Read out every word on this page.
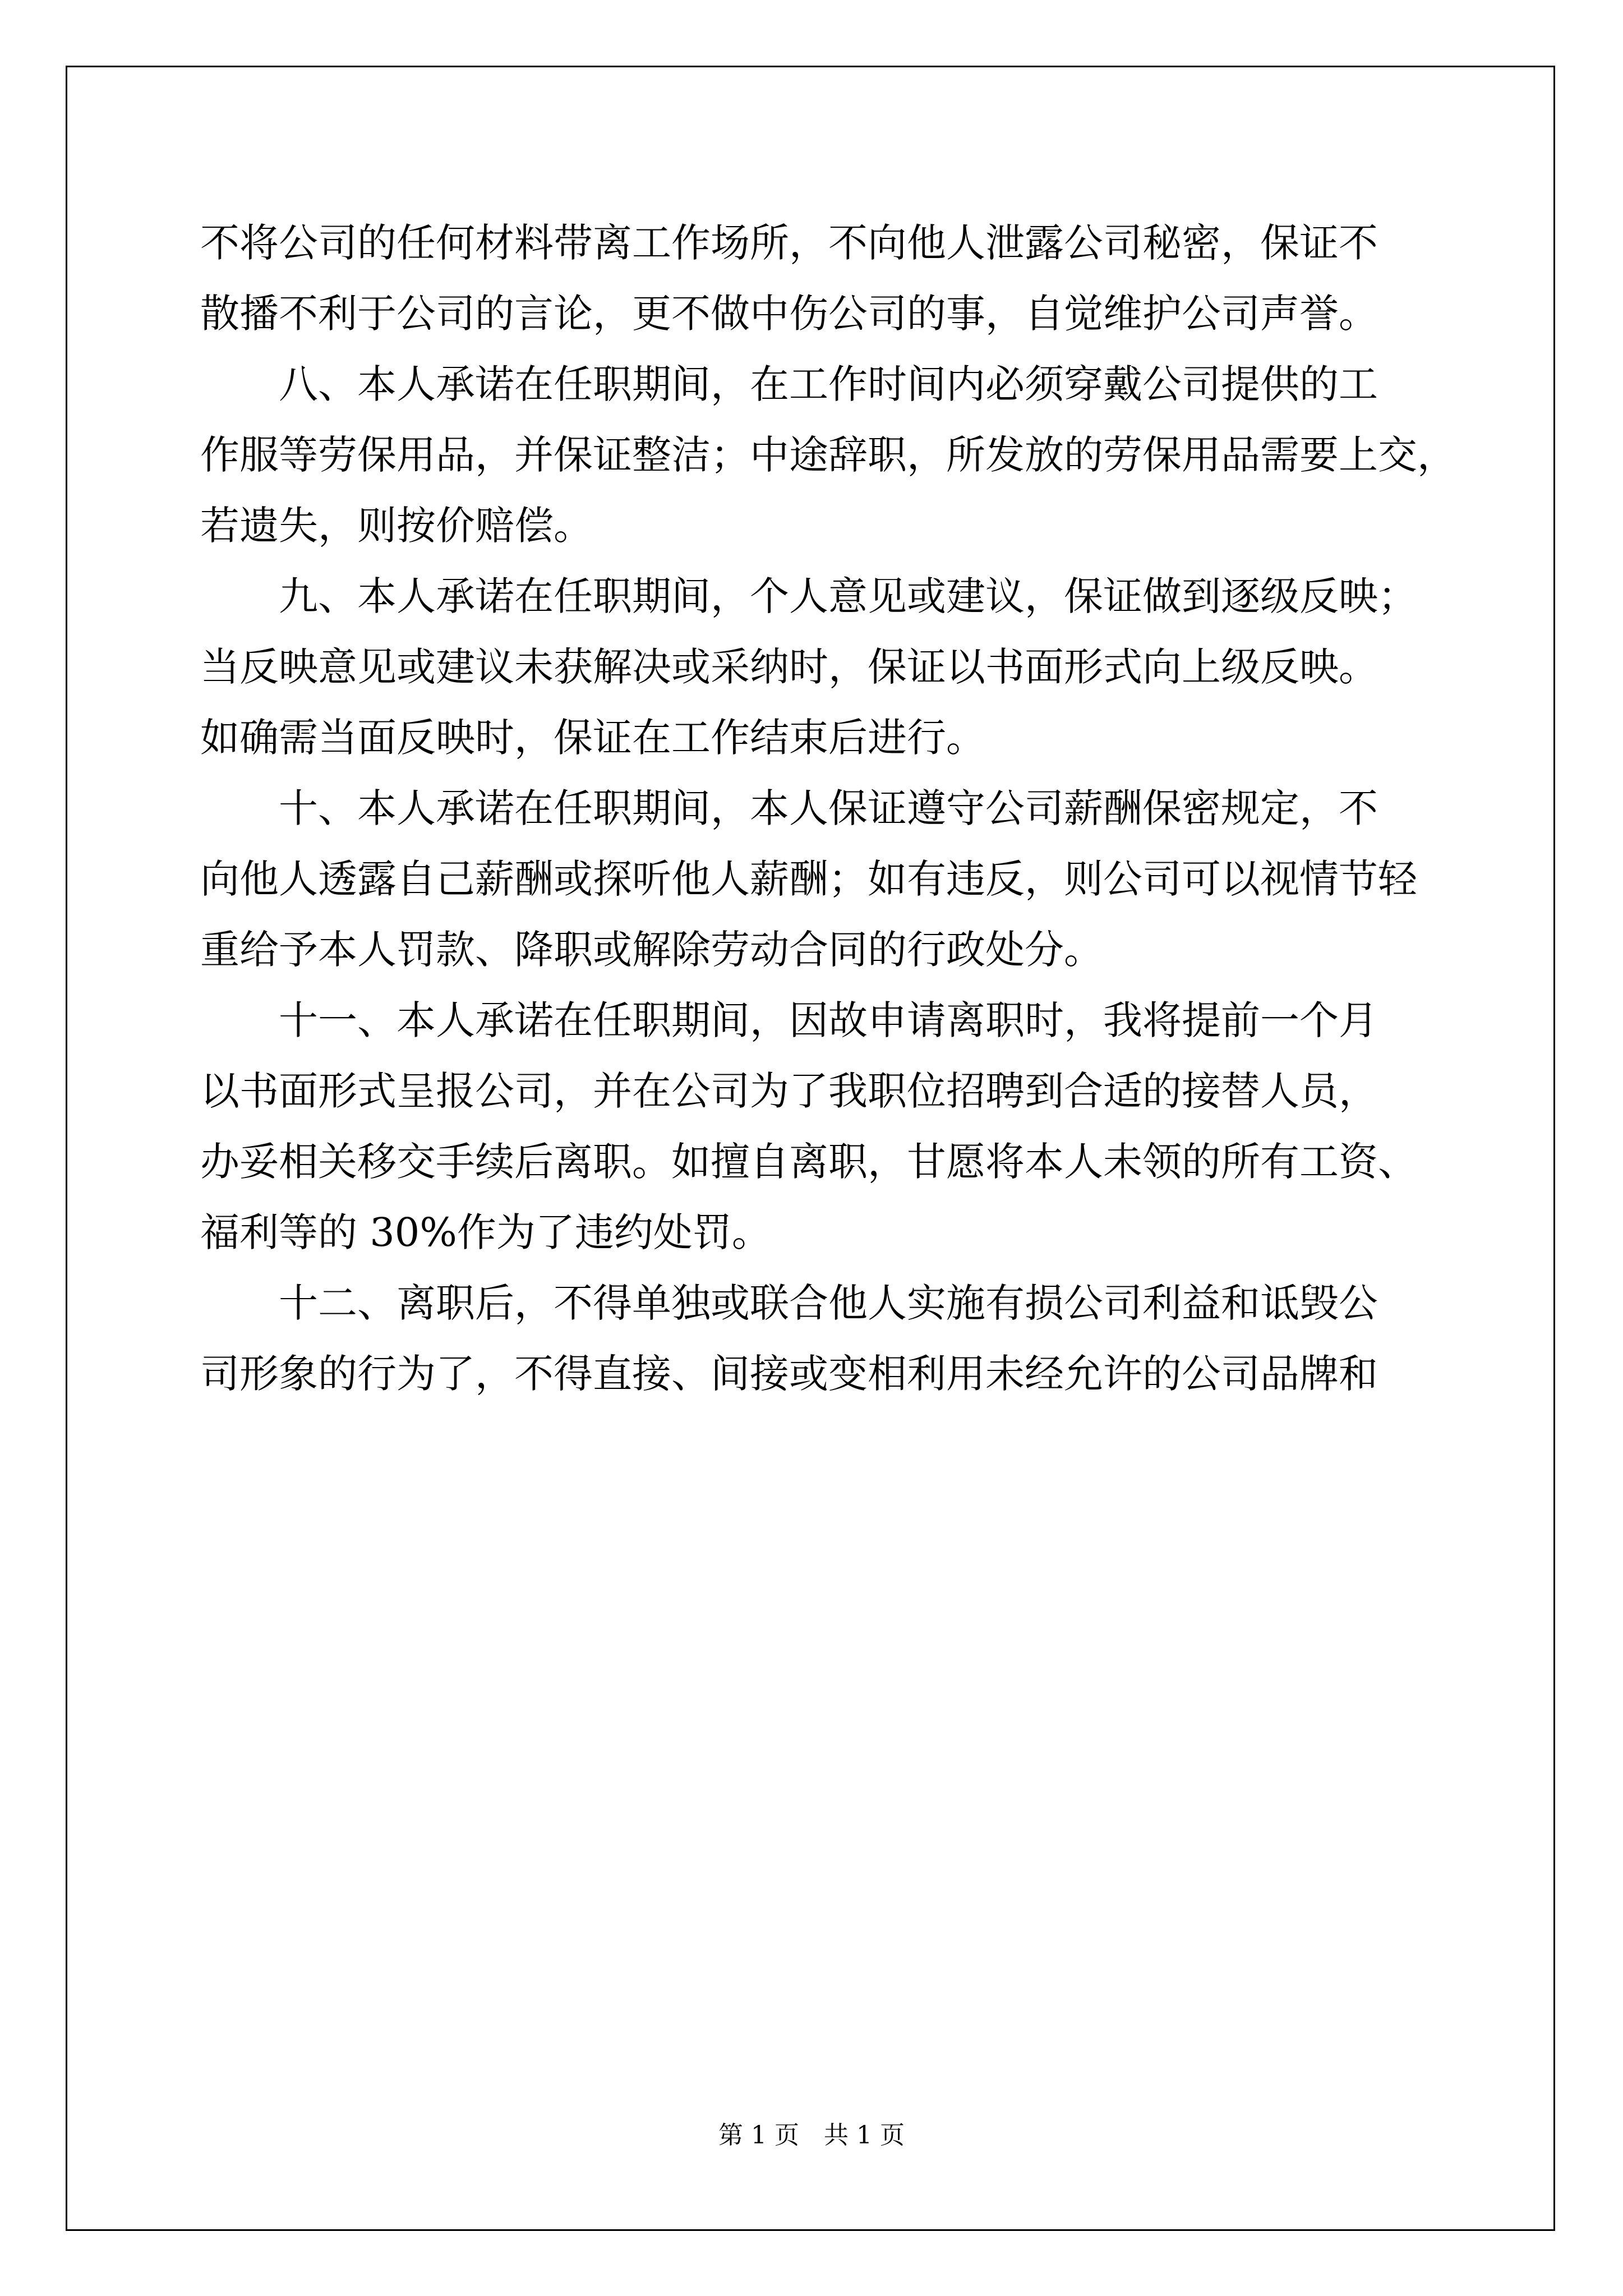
不将公司的任何材料带离工作场所，不向他人泄露公司秘密，保证不
散播不利于公司的言论，更不做中伤公司的事，自觉维护公司声誉。
　　八、本人承诺在任职期间，在工作时间内必须穿戴公司提供的工
作服等劳保用品，并保证整洁；中途辞职，所发放的劳保用品需要上交，
若遗失，则按价赔偿。
　　九、本人承诺在任职期间，个人意见或建议，保证做到逐级反映；
当反映意见或建议未获解决或采纳时，保证以书面形式向上级反映。
如确需当面反映时，保证在工作结束后进行。
　　十、本人承诺在任职期间，本人保证遵守公司薪酬保密规定，不
向他人透露自己薪酬或探听他人薪酬；如有违反，则公司可以视情节轻
重给予本人罚款、降职或解除劳动合同的行政处分。
　　十一、本人承诺在任职期间，因故申请离职时，我将提前一个月
以书面形式呈报公司，并在公司为了我职位招聘到合适的接替人员，
办妥相关移交手续后离职。如擅自离职，甘愿将本人未领的所有工资、
福利等的 30%作为了违约处罚。
　　十二、离职后，不得单独或联合他人实施有损公司利益和诋毁公
司形象的行为了，不得直接、间接或变相利用未经允许的公司品牌和
第 1 页　共 1 页
